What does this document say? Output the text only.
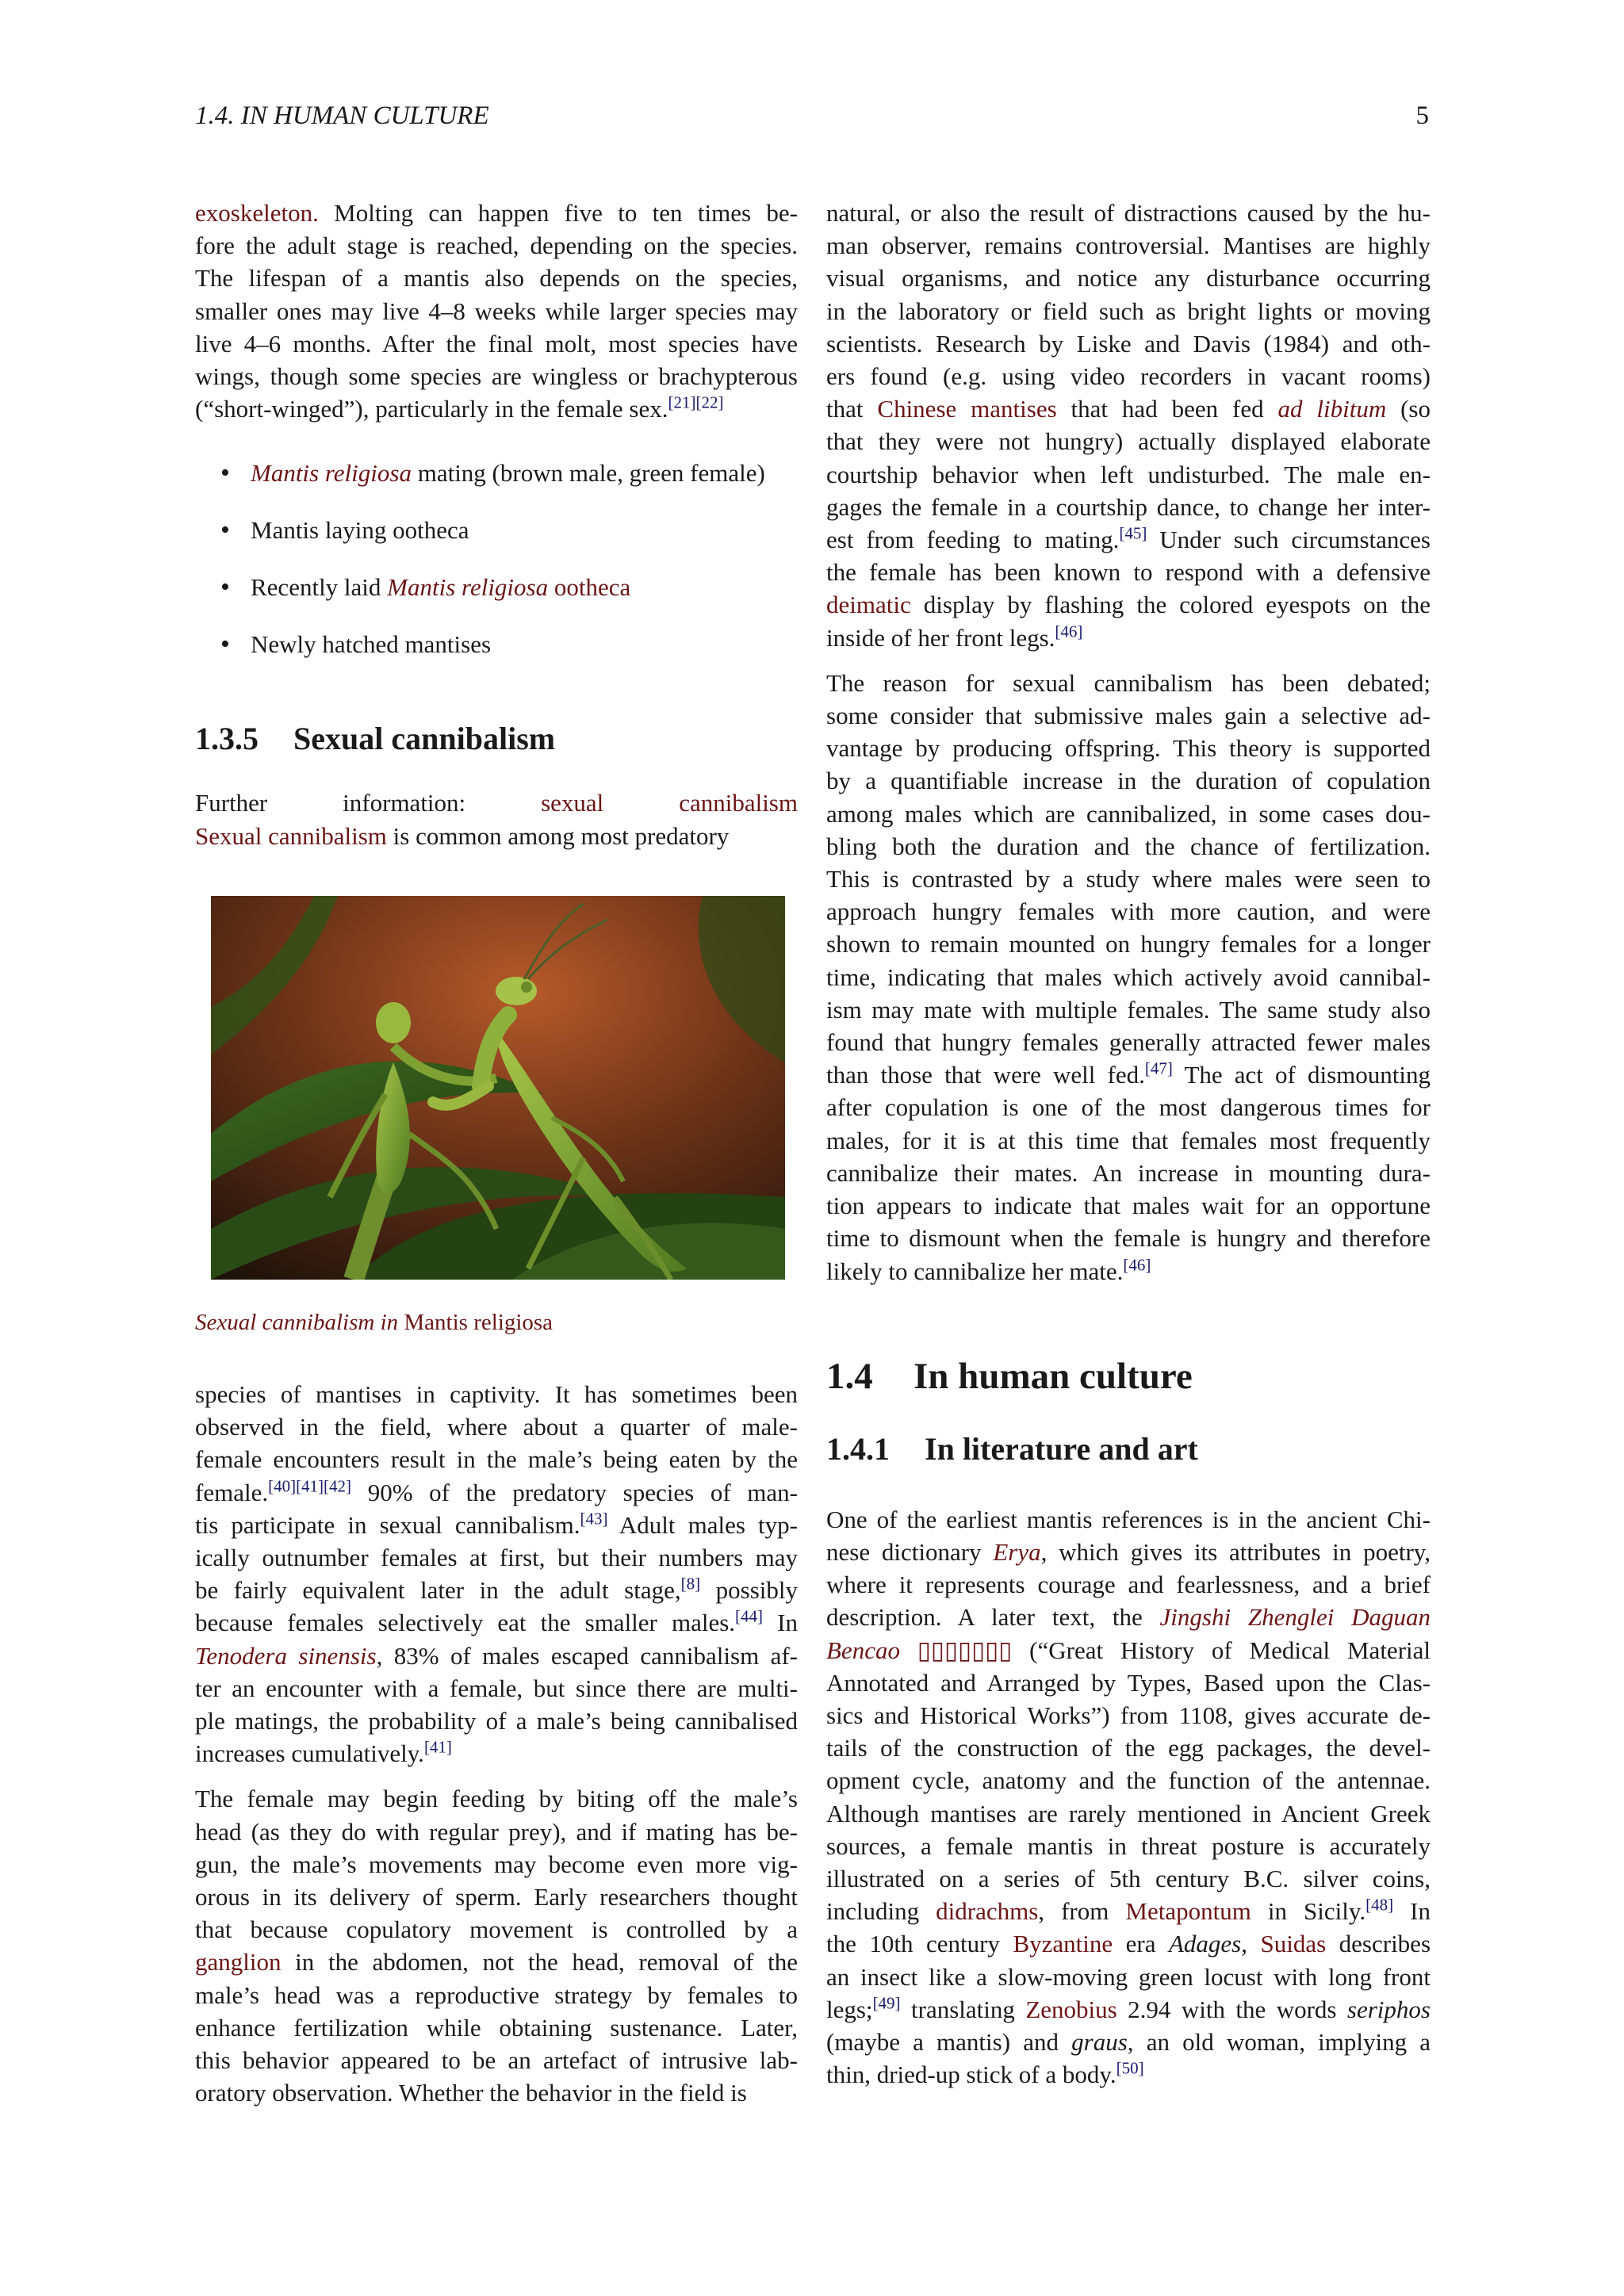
1.4. IN HUMAN CULTURE	5

exoskeleton. Molting can happen five to ten times be-
fore the adult stage is reached, depending on the species.
The lifespan of a mantis also depends on the species,
smaller ones may live 4–8 weeks while larger species may
live 4–6 months. After the final molt, most species have
wings, though some species are wingless or brachypterous
(“short-winged”), particularly in the female sex.[21][22]

• Mantis religiosa mating (brown male, green female)
• Mantis laying ootheca
• Recently laid Mantis religiosa ootheca
• Newly hatched mantises
1.3.5 Sexual cannibalism

Further information: sexual cannibalism
Sexual cannibalism is common among most predatory

Sexual cannibalism in Mantis religiosa

species of mantises in captivity. It has sometimes been
observed in the field, where about a quarter of male-
female encounters result in the male’s being eaten by the
female.[40][41][42] 90% of the predatory species of man-
tis participate in sexual cannibalism.[43] Adult males typ-
ically outnumber females at first, but their numbers may
be fairly equivalent later in the adult stage,[8] possibly
because females selectively eat the smaller males.[44] In
Tenodera sinensis, 83% of males escaped cannibalism af-
ter an encounter with a female, but since there are multi-
ple matings, the probability of a male’s being cannibalised
increases cumulatively.[41]

The female may begin feeding by biting off the male’s
head (as they do with regular prey), and if mating has be-
gun, the male’s movements may become even more vig-
orous in its delivery of sperm. Early researchers thought
that because copulatory movement is controlled by a
ganglion in the abdomen, not the head, removal of the
male’s head was a reproductive strategy by females to
enhance fertilization while obtaining sustenance. Later,
this behavior appeared to be an artefact of intrusive lab-
oratory observation. Whether the behavior in the field is

natural, or also the result of distractions caused by the hu-
man observer, remains controversial. Mantises are highly
visual organisms, and notice any disturbance occurring
in the laboratory or field such as bright lights or moving
scientists. Research by Liske and Davis (1984) and oth-
ers found (e.g. using video recorders in vacant rooms)
that Chinese mantises that had been fed ad libitum (so
that they were not hungry) actually displayed elaborate
courtship behavior when left undisturbed. The male en-
gages the female in a courtship dance, to change her inter-
est from feeding to mating.[45] Under such circumstances
the female has been known to respond with a defensive
deimatic display by flashing the colored eyespots on the
inside of her front legs.[46]

The reason for sexual cannibalism has been debated;
some consider that submissive males gain a selective ad-
vantage by producing offspring. This theory is supported
by a quantifiable increase in the duration of copulation
among males which are cannibalized, in some cases dou-
bling both the duration and the chance of fertilization.
This is contrasted by a study where males were seen to
approach hungry females with more caution, and were
shown to remain mounted on hungry females for a longer
time, indicating that males which actively avoid cannibal-
ism may mate with multiple females. The same study also
found that hungry females generally attracted fewer males
than those that were well fed.[47] The act of dismounting
after copulation is one of the most dangerous times for
males, for it is at this time that females most frequently
cannibalize their mates. An increase in mounting dura-
tion appears to indicate that males wait for an opportune
time to dismount when the female is hungry and therefore
likely to cannibalize her mate.[46]

1.4 In human culture
1.4.1 In literature and art

One of the earliest mantis references is in the ancient Chi-
nese dictionary Erya, which gives its attributes in poetry,
where it represents courage and fearlessness, and a brief
description. A later text, the Jingshi Zhenglei Daguan
Bencao ▯▯▯▯▯▯▯ (“Great History of Medical Material
Annotated and Arranged by Types, Based upon the Clas-
sics and Historical Works”) from 1108, gives accurate de-
tails of the construction of the egg packages, the devel-
opment cycle, anatomy and the function of the antennae.
Although mantises are rarely mentioned in Ancient Greek
sources, a female mantis in threat posture is accurately
illustrated on a series of 5th century B.C. silver coins,
including didrachms, from Metapontum in Sicily.[48] In
the 10th century Byzantine era Adages, Suidas describes
an insect like a slow-moving green locust with long front
legs;[49] translating Zenobius 2.94 with the words seriphos
(maybe a mantis) and graus, an old woman, implying a
thin, dried-up stick of a body.[50]
